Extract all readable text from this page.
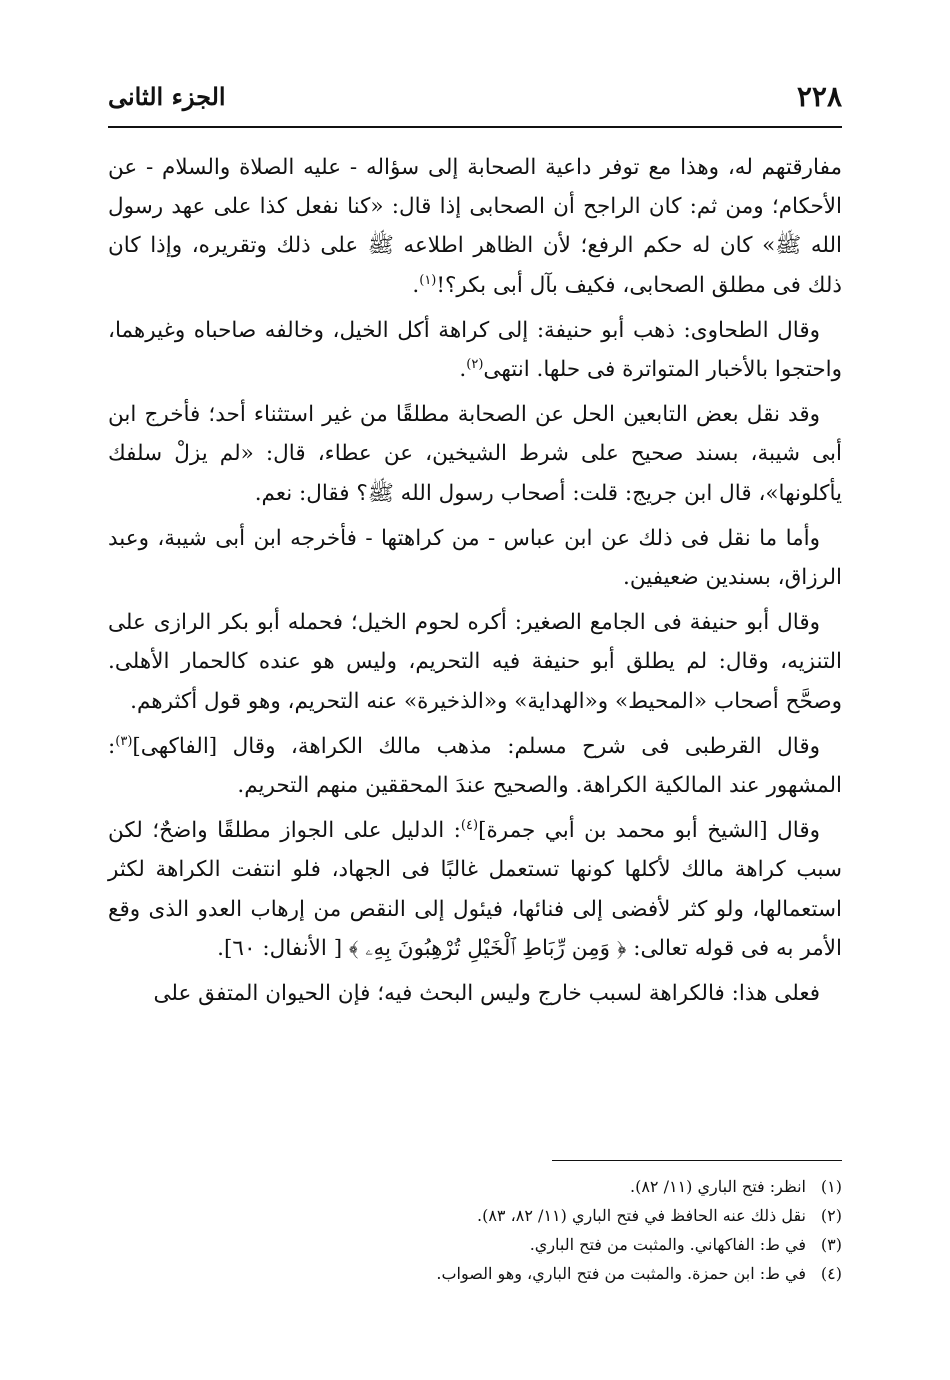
٢٢٨
الجزء الثانى

مفارقتهم له، وهذا مع توفر داعية الصحابة إلى سؤاله - عليه الصلاة والسلام - عن الأحكام؛ ومن ثم: كان الراجح أن الصحابى إذا قال: «كنا نفعل كذا على عهد رسول الله ﷺ» كان له حكم الرفع؛ لأن الظاهر اطلاعه ﷺ على ذلك وتقريره، وإذا كان ذلك فى مطلق الصحابى، فكيف بآل أبى بكر؟!$^{(١)}$.

وقال الطحاوى: ذهب أبو حنيفة: إلى كراهة أكل الخيل، وخالفه صاحباه وغيرهما، واحتجوا بالأخبار المتواترة فى حلها. انتهى$^{(٢)}$.

وقد نقل بعض التابعين الحل عن الصحابة مطلقًا من غير استثناء أحد؛ فأخرج ابن أبى شيبة، بسند صحيح على شرط الشيخين، عن عطاء، قال: «لم يزلْ سلفك يأكلونها»، قال ابن جريج: قلت: أصحاب رسول الله ﷺ؟ فقال: نعم.

وأما ما نقل فى ذلك عن ابن عباس - من كراهتها - فأخرجه ابن أبى شيبة، وعبد الرزاق، بسندين ضعيفين.

وقال أبو حنيفة فى الجامع الصغير: أكره لحوم الخيل؛ فحمله أبو بكر الرازى على التنزيه، وقال: لم يطلق أبو حنيفة فيه التحريم، وليس هو عنده كالحمار الأهلى. وصحَّح أصحاب «المحيط» و«الهداية» و«الذخيرة» عنه التحريم، وهو قول أكثرهم.

وقال القرطبى فى شرح مسلم: مذهب مالك الكراهة، وقال [الفاكهى]$^{(٣)}$: المشهور عند المالكية الكراهة. والصحيح عندَ المحققين منهم التحريم.

وقال [الشيخ أبو محمد بن أبي جمرة]$^{(٤)}$: الدليل على الجواز مطلقًا واضحٌ؛ لكن سبب كراهة مالك لأكلها كونها تستعمل غالبًا فى الجهاد، فلو انتفت الكراهة لكثر استعمالها، ولو كثر لأفضى إلى فنائها، فيئول إلى النقص من إرهاب العدو الذى وقع الأمر به فى قوله تعالى: ﴿ وَمِن رِّبَاطِ ٱلْخَيْلِ تُرْهِبُونَ بِهِۦ ﴾ [ الأنفال: ٦٠].

فعلى هذا: فالكراهة لسبب خارج وليس البحث فيه؛ فإن الحيوان المتفق على

(١)انظر: فتح الباري (١١/ ٨٢).

(٢)نقل ذلك عنه الحافظ في فتح الباري (١١/ ٨٢، ٨٣).

(٣)في ط: الفاكهاني. والمثبت من فتح الباري.

(٤)في ط: ابن حمزة. والمثبت من فتح الباري، وهو الصواب.
